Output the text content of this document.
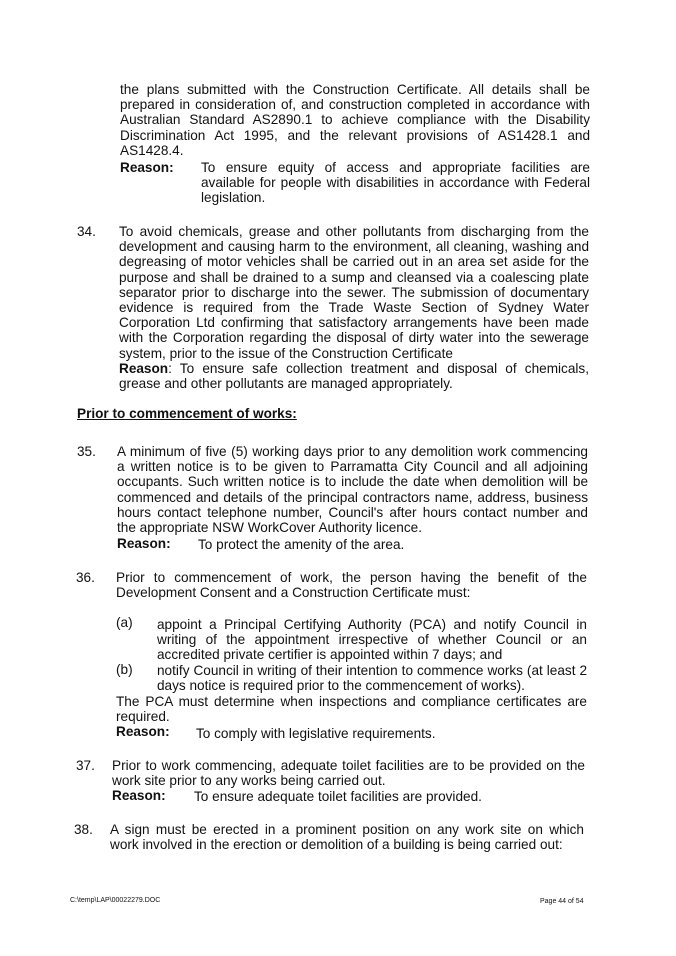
the plans submitted with the Construction Certificate. All details shall be
prepared in consideration of, and construction completed in accordance with
Australian Standard AS2890.1 to achieve compliance with the Disability
Discrimination Act 1995, and the relevant provisions of AS1428.1 and
AS1428.4.
Reason: To ensure equity of access and appropriate facilities are
available for people with disabilities in accordance with Federal
legislation.
34. To avoid chemicals, grease and other pollutants from discharging from the
development and causing harm to the environment, all cleaning, washing and
degreasing of motor vehicles shall be carried out in an area set aside for the
purpose and shall be drained to a sump and cleansed via a coalescing plate
separator prior to discharge into the sewer. The submission of documentary
evidence is required from the Trade Waste Section of Sydney Water
Corporation Ltd confirming that satisfactory arrangements have been made
with the Corporation regarding the disposal of dirty water into the sewerage
system, prior to the issue of the Construction Certificate
Reason: To ensure safe collection treatment and disposal of chemicals,
grease and other pollutants are managed appropriately.
Prior to commencement of works:
35. A minimum of five (5) working days prior to any demolition work commencing
a written notice is to be given to Parramatta City Council and all adjoining
occupants. Such written notice is to include the date when demolition will be
commenced and details of the principal contractors name, address, business
hours contact telephone number, Council's after hours contact number and
the appropriate NSW WorkCover Authority licence.
Reason: To protect the amenity of the area.
36. Prior to commencement of work, the person having the benefit of the
Development Consent and a Construction Certificate must:
(a) appoint a Principal Certifying Authority (PCA) and notify Council in
writing of the appointment irrespective of whether Council or an
accredited private certifier is appointed within 7 days; and
(b) notify Council in writing of their intention to commence works (at least 2
days notice is required prior to the commencement of works).
The PCA must determine when inspections and compliance certificates are
required.
Reason: To comply with legislative requirements.
37. Prior to work commencing, adequate toilet facilities are to be provided on the
work site prior to any works being carried out.
Reason: To ensure adequate toilet facilities are provided.
38. A sign must be erected in a prominent position on any work site on which
work involved in the erection or demolition of a building is being carried out:
C:\temp\LAP\00022279.DOC	Page 44 of 54
